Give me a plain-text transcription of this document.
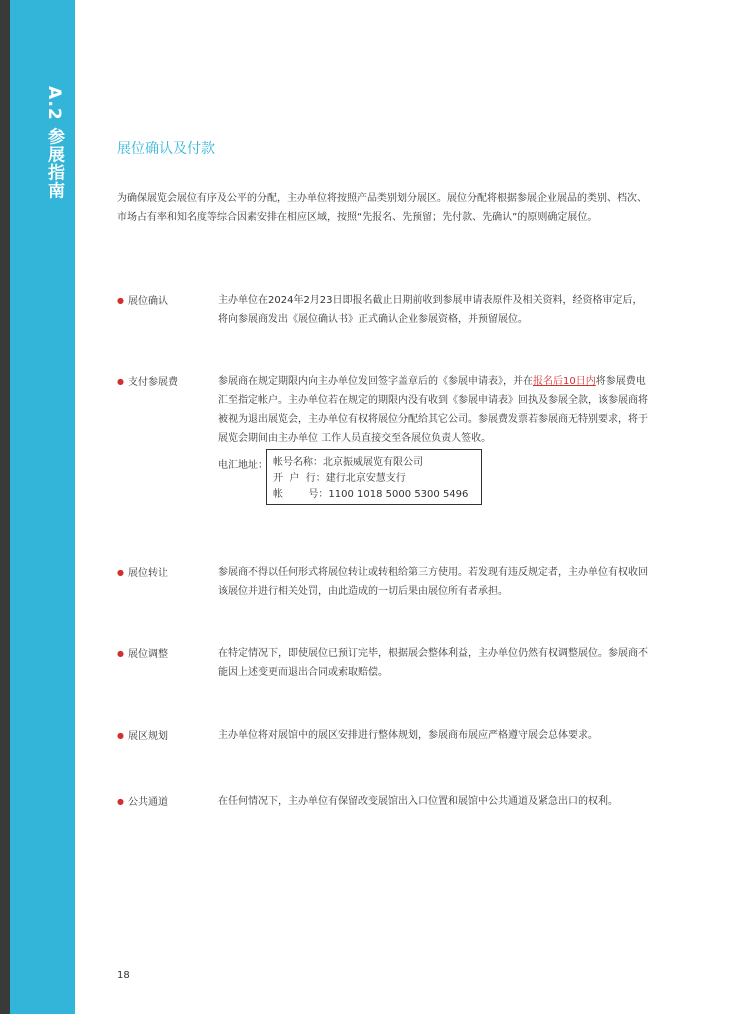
A.2 参展指南	展位确认及付款

为确保展览会展位有序及公平的分配，主办单位将按照产品类别划分展区。展位分配将根据参展企业展品的类别、档次、市场占有率和知名度等综合因素安排在相应区域，按照“先报名、先预留；先付款、先确认”的原则确定展位。

● 展位确认	主办单位在2024年2月23日即报名截止日期前收到参展申请表原件及相关资料，经资格审定后，将向参展商发出《展位确认书》正式确认企业参展资格，并预留展位。

● 支付参展费	参展商在规定期限内向主办单位发回签字盖章后的《参展申请表》，并在报名后10日内将参展费电汇至指定帐户。主办单位若在规定的期限内没有收到《参展申请表》回执及参展全款，该参展商将被视为退出展览会，主办单位有权将展位分配给其它公司。参展费发票若参展商无特别要求，将于展览会期间由主办单位 工作人员直接交至各展位负责人签收。

电汇地址： 帐号名称：北京振威展览有限公司
开  户  行：建行北京安慧支行
帐        号：1100 1018 5000 5300 5496
● 展位转让	参展商不得以任何形式将展位转让或转租给第三方使用。若发现有违反规定者，主办单位有权收回该展位并进行相关处罚，由此造成的一切后果由展位所有者承担。

● 展位调整	在特定情况下，即使展位已预订完毕，根据展会整体利益，主办单位仍然有权调整展位。参展商不能因上述变更而退出合同或索取赔偿。

● 展区规划	主办单位将对展馆中的展区安排进行整体规划，参展商布展应严格遵守展会总体要求。

● 公共通道	在任何情况下，主办单位有保留改变展馆出入口位置和展馆中公共通道及紧急出口的权利。

18
